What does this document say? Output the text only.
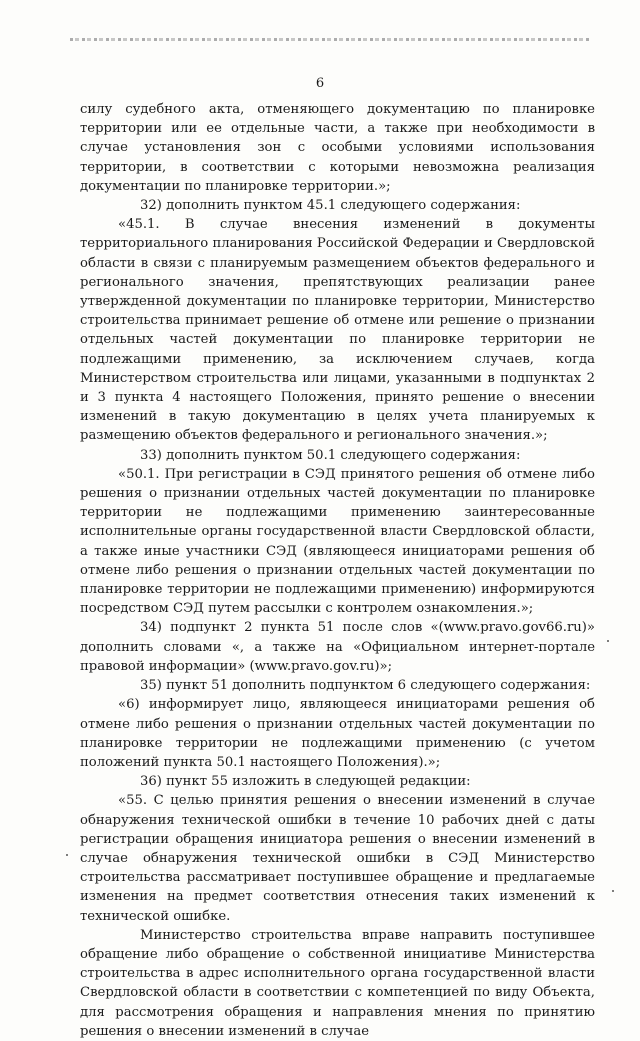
6

силу судебного акта, отменяющего документацию по планировке территории или ее отдельные части, а также при необходимости в случае установления зон с особыми условиями использования территории, в соответствии с которыми невозможна реализация документации по планировке территории.»;

32) дополнить пунктом 45.1 следующего содержания:

«45.1. В случае внесения изменений в документы территориального планирования Российской Федерации и Свердловской области в связи с планируемым размещением объектов федерального и регионального значения, препятствующих реализации ранее утвержденной документации по планировке территории, Министерство строительства принимает решение об отмене или решение о признании отдельных частей документации по планировке территории не подлежащими применению, за исключением случаев, когда Министерством строительства или лицами, указанными в подпунктах 2 и 3 пункта 4 настоящего Положения, принято решение о внесении изменений в такую документацию в целях учета планируемых к размещению объектов федерального и регионального значения.»;

33) дополнить пунктом 50.1 следующего содержания:

«50.1. При регистрации в СЭД принятого решения об отмене либо решения о признании отдельных частей документации по планировке территории не подлежащими применению заинтересованные исполнительные органы государственной власти Свердловской области, а также иные участники СЭД (являющееся инициаторами решения об отмене либо решения о признании отдельных частей документации по планировке территории не подлежащими применению) информируются посредством СЭД путем рассылки с контролем ознакомления.»;

34) подпункт 2 пункта 51 после слов «(www.pravo.gov66.ru)» дополнить словами «, а также на «Официальном интернет-портале правовой информации» (www.pravo.gov.ru)»;

35) пункт 51 дополнить подпунктом 6 следующего содержания:

«6) информирует лицо, являющееся инициаторами решения об отмене либо решения о признании отдельных частей документации по планировке территории не подлежащими применению (с учетом положений пункта 50.1 настоящего Положения).»;

36) пункт 55 изложить в следующей редакции:

«55. С целью принятия решения о внесении изменений в случае обнаружения технической ошибки в течение 10 рабочих дней с даты регистрации обращения инициатора решения о внесении изменений в случае обнаружения технической ошибки в СЭД Министерство строительства рассматривает поступившее обращение и предлагаемые изменения на предмет соответствия отнесения таких изменений к технической ошибке.

Министерство строительства вправе направить поступившее обращение либо обращение о собственной инициативе Министерства строительства в адрес исполнительного органа государственной власти Свердловской области в соответствии с компетенцией по виду Объекта, для рассмотрения обращения и направления мнения по принятию решения о внесении изменений в случае
